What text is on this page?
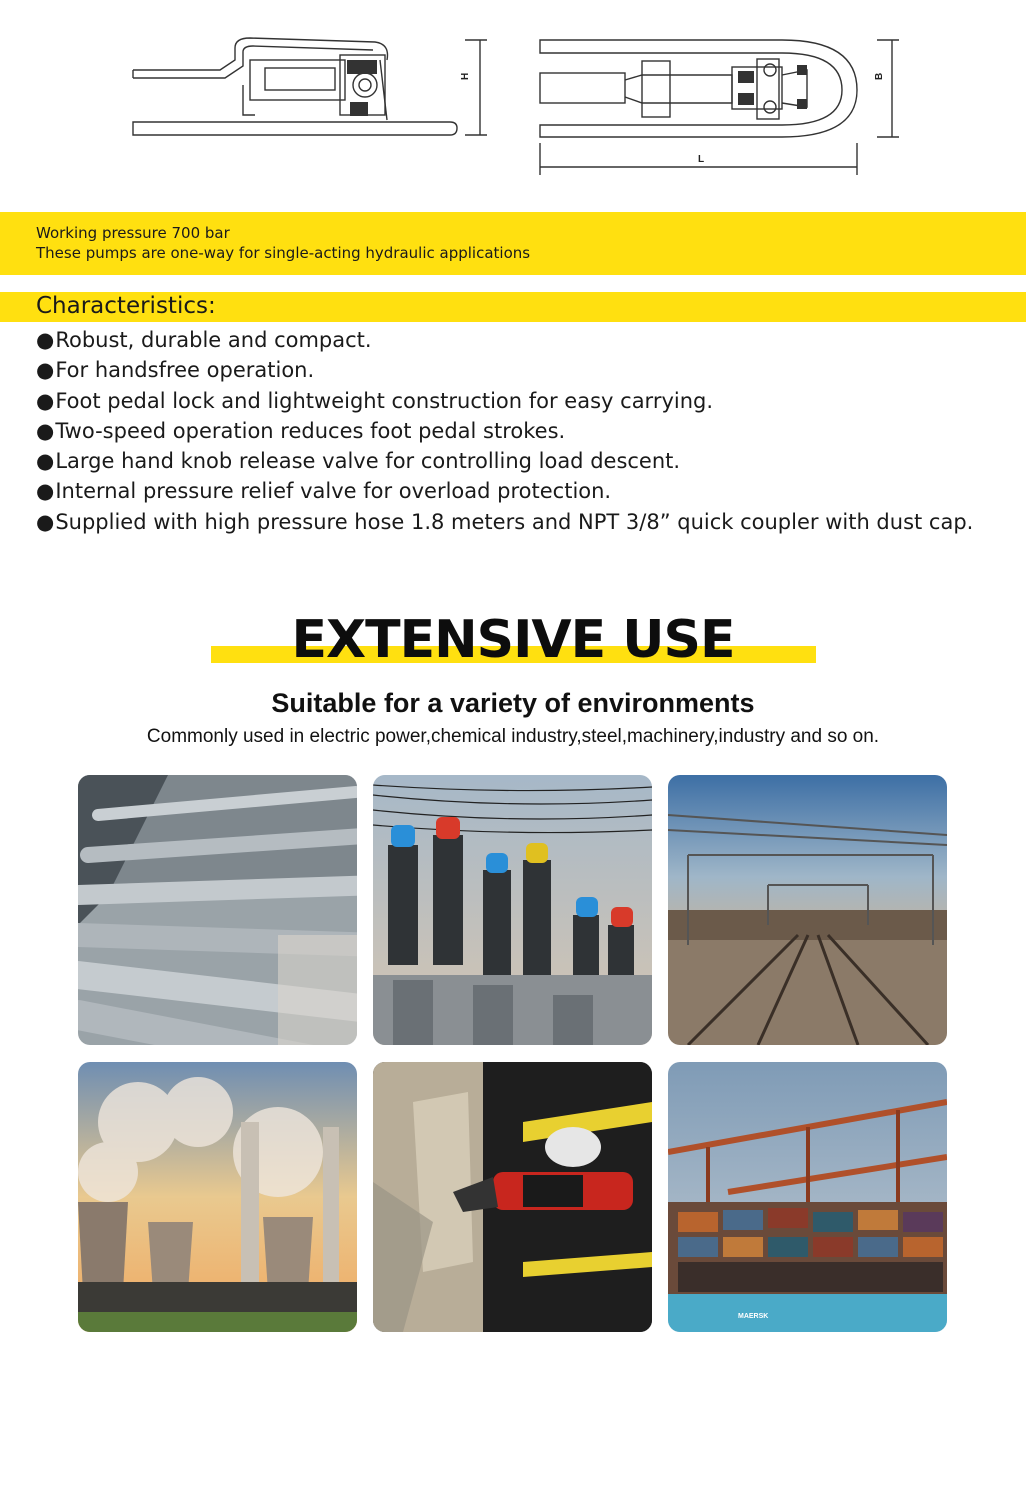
H	B
L
Working pressure 700 bar
These pumps are one-way for single-acting hydraulic applications
Characteristics:
●Robust, durable and compact.
●For handsfree operation.
●Foot pedal lock and lightweight construction for easy carrying.
●Two-speed operation reduces foot pedal strokes.
●Large hand knob release valve for controlling load descent.
●Internal pressure relief valve for overload protection.
●Supplied with high pressure hose 1.8 meters and NPT 3/8” quick coupler with dust cap.
EXTENSIVE USE
Suitable for a variety of environments
Commonly used in electric power,chemical industry,steel,machinery,industry and so on.
MAERSK
